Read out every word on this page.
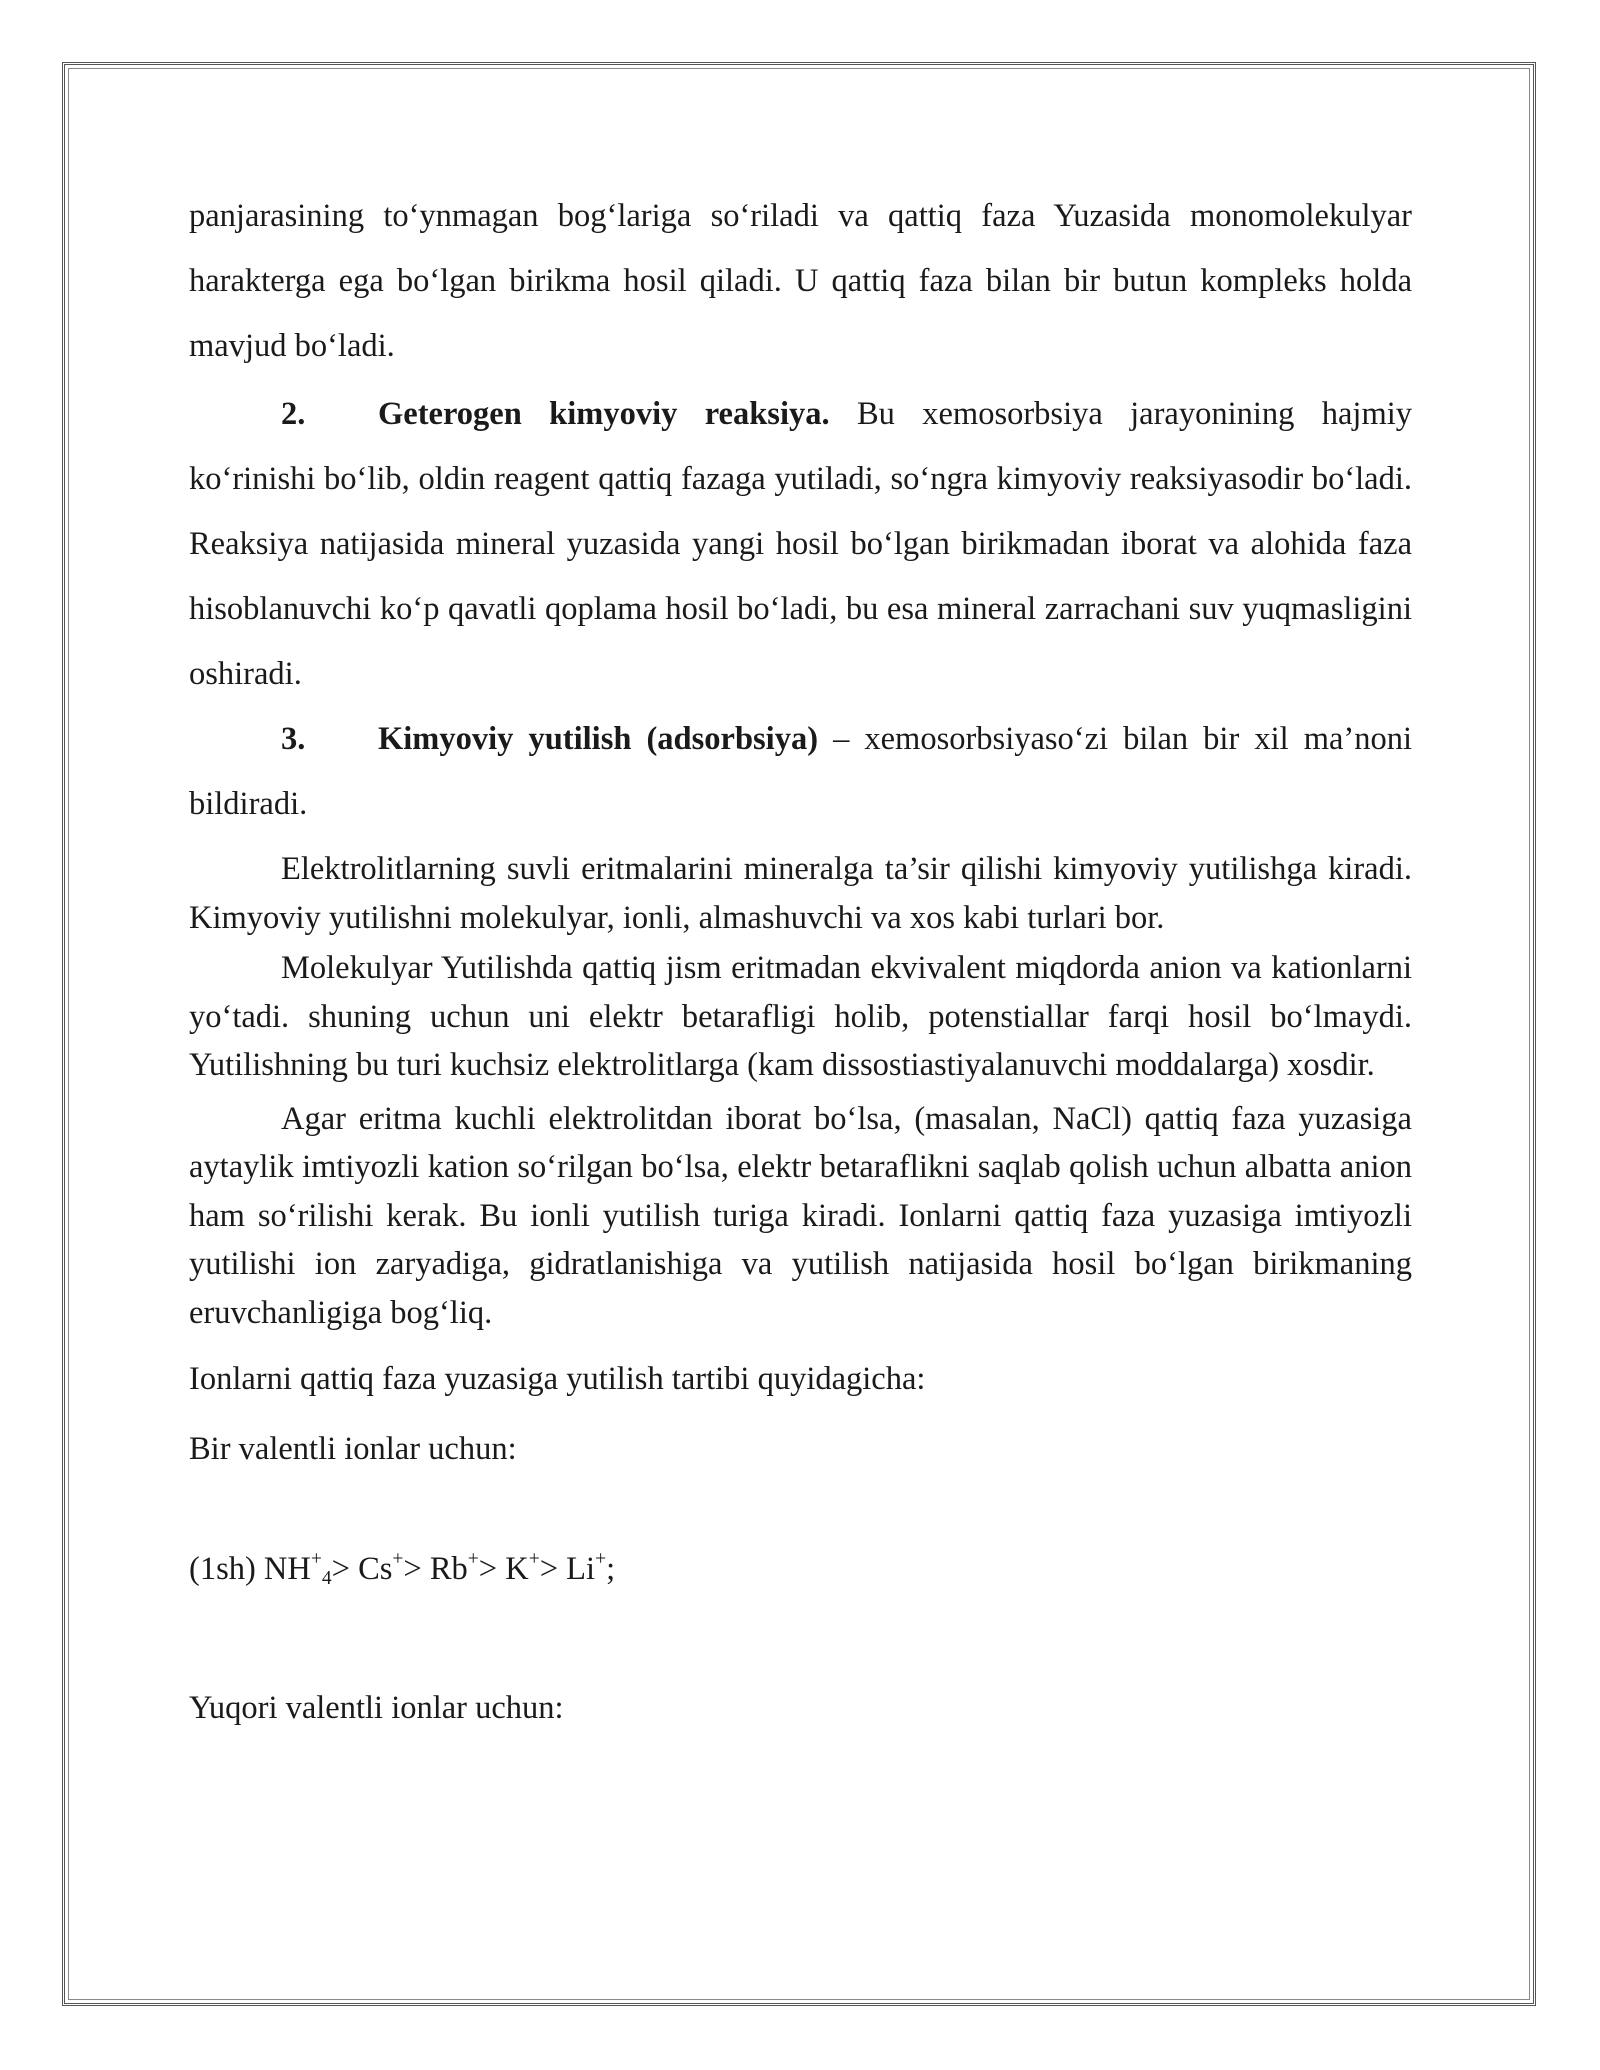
panjarasining to‘ynmagan bog‘lariga so‘riladi va qattiq faza Yuzasida monomolekulyar harakterga ega bo‘lgan birikma hosil qiladi. U qattiq faza bilan bir butun kompleks holda mavjud bo‘ladi.

2. Geterogen kimyoviy reaksiya. Bu xemosorbsiya jarayonining hajmiy ko‘rinishi bo‘lib, oldin reagent qattiq fazaga yutiladi, so‘ngra kimyoviy reaksiyasodir bo‘ladi. Reaksiya natijasida mineral yuzasida yangi hosil bo‘lgan birikmadan iborat va alohida faza hisoblanuvchi ko‘p qavatli qoplama hosil bo‘ladi, bu esa mineral zarrachani suv yuqmasligini oshiradi.

3. Kimyoviy yutilish (adsorbsiya) – xemosorbsiyaso‘zi bilan bir xil ma’noni bildiradi.

Elektrolitlarning suvli eritmalarini mineralga ta’sir qilishi kimyoviy yutilishga kiradi. Kimyoviy yutilishni molekulyar, ionli, almashuvchi va xos kabi turlari bor.

Molekulyar Yutilishda qattiq jism eritmadan ekvivalent miqdorda anion va kationlarni yo‘tadi. shuning uchun uni elektr betarafligi holib, potenstiallar farqi hosil bo‘lmaydi. Yutilishning bu turi kuchsiz elektrolitlarga (kam dissostiastiyalanuvchi moddalarga) xosdir.

Agar eritma kuchli elektrolitdan iborat bo‘lsa, (masalan, NaCl) qattiq faza yuzasiga aytaylik imtiyozli kation so‘rilgan bo‘lsa, elektr betaraflikni saqlab qolish uchun albatta anion ham so‘rilishi kerak. Bu ionli yutilish turiga kiradi. Ionlarni qattiq faza yuzasiga imtiyozli yutilishi ion zaryadiga, gidratlanishiga va yutilish natijasida hosil bo‘lgan birikmaning eruvchanligiga bog‘liq.

Ionlarni qattiq faza yuzasiga yutilish tartibi quyidagicha:

Bir valentli ionlar uchun:

(1sh) $NH^+_4> Cs^+> Rb^+> K^+> Li^+$;

Yuqori valentli ionlar uchun:
